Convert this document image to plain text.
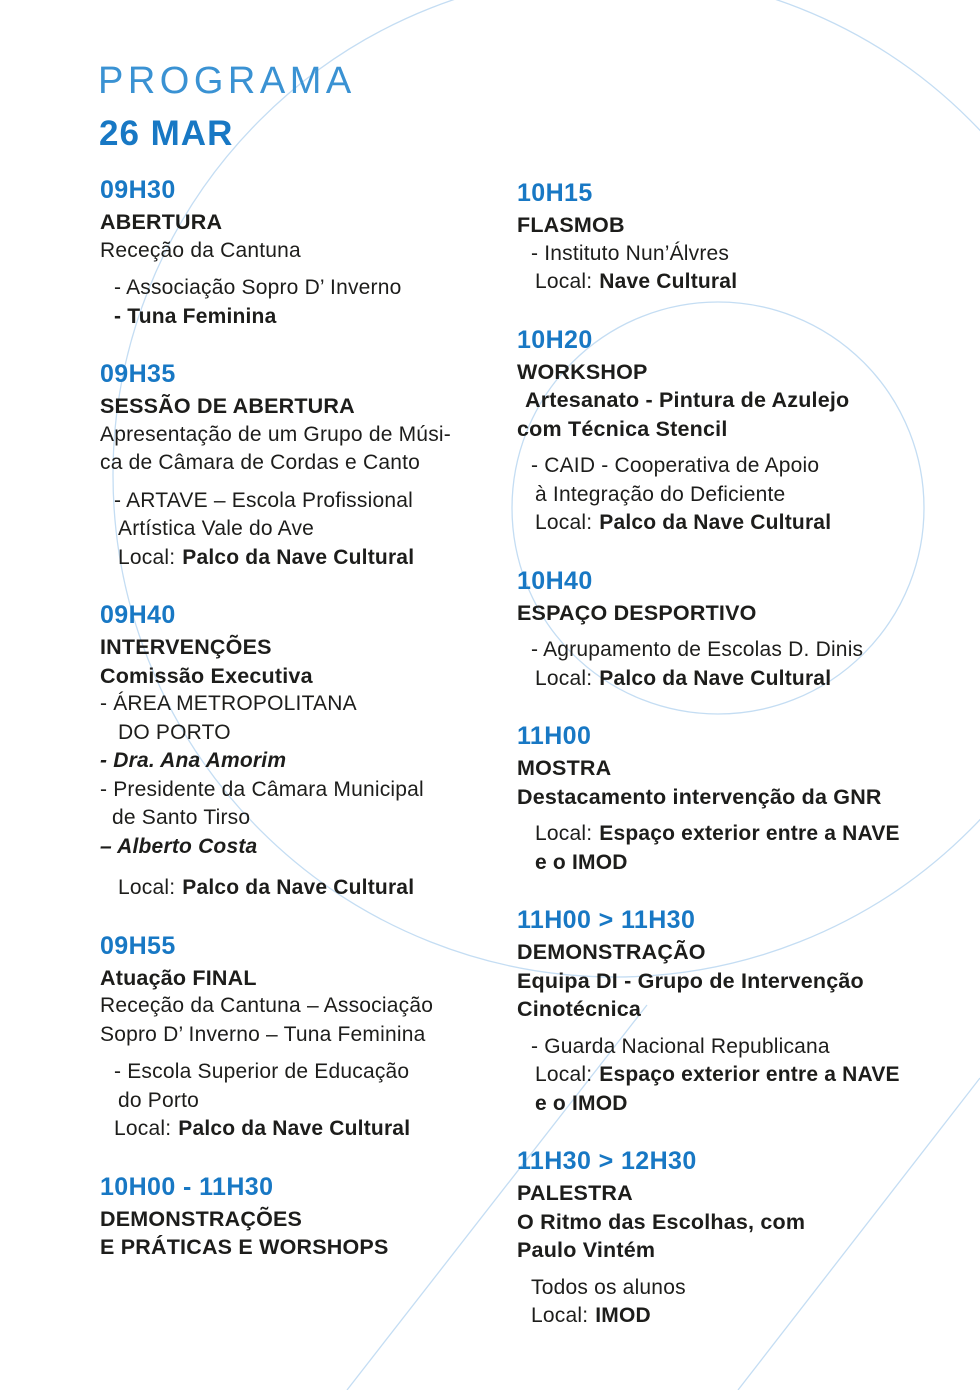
PROGRAMA
26 MAR
09H30
ABERTURA
Receção da Cantuna
- Associação Sopro D’ Inverno
- Tuna Feminina
09H35
SESSÃO DE ABERTURA
Apresentação de um Grupo de Músi-
ca de Câmara de Cordas e Canto
- ARTAVE – Escola Profissional
Artística Vale do Ave
Local: Palco da Nave Cultural
09H40
INTERVENÇÕES
Comissão Executiva
- ÁREA METROPOLITANA
DO PORTO
- Dra. Ana Amorim
- Presidente da Câmara Municipal
de Santo Tirso
– Alberto Costa
Local: Palco da Nave Cultural
09H55
Atuação FINAL
Receção da Cantuna – Associação
Sopro D’ Inverno – Tuna Feminina
- Escola Superior de Educação
do Porto
Local: Palco da Nave Cultural
10H00 - 11H30
DEMONSTRAÇÕES
E PRÁTICAS E WORSHOPS
10H15
FLASMOB
- Instituto Nun’Álvres
Local: Nave Cultural
10H20
WORKSHOP
Artesanato - Pintura de Azulejo
com Técnica Stencil
- CAID - Cooperativa de Apoio
à Integração do Deficiente
Local: Palco da Nave Cultural
10H40
ESPAÇO DESPORTIVO
- Agrupamento de Escolas D. Dinis
Local: Palco da Nave Cultural
11H00
MOSTRA
Destacamento intervenção da GNR
Local: Espaço exterior entre a NAVE
e o IMOD
11H00 > 11H30
DEMONSTRAÇÃO
Equipa DI - Grupo de Intervenção
Cinotécnica
- Guarda Nacional Republicana
Local: Espaço exterior entre a NAVE
e o IMOD
11H30 > 12H30
PALESTRA
O Ritmo das Escolhas, com
Paulo Vintém
Todos os alunos
Local: IMOD
